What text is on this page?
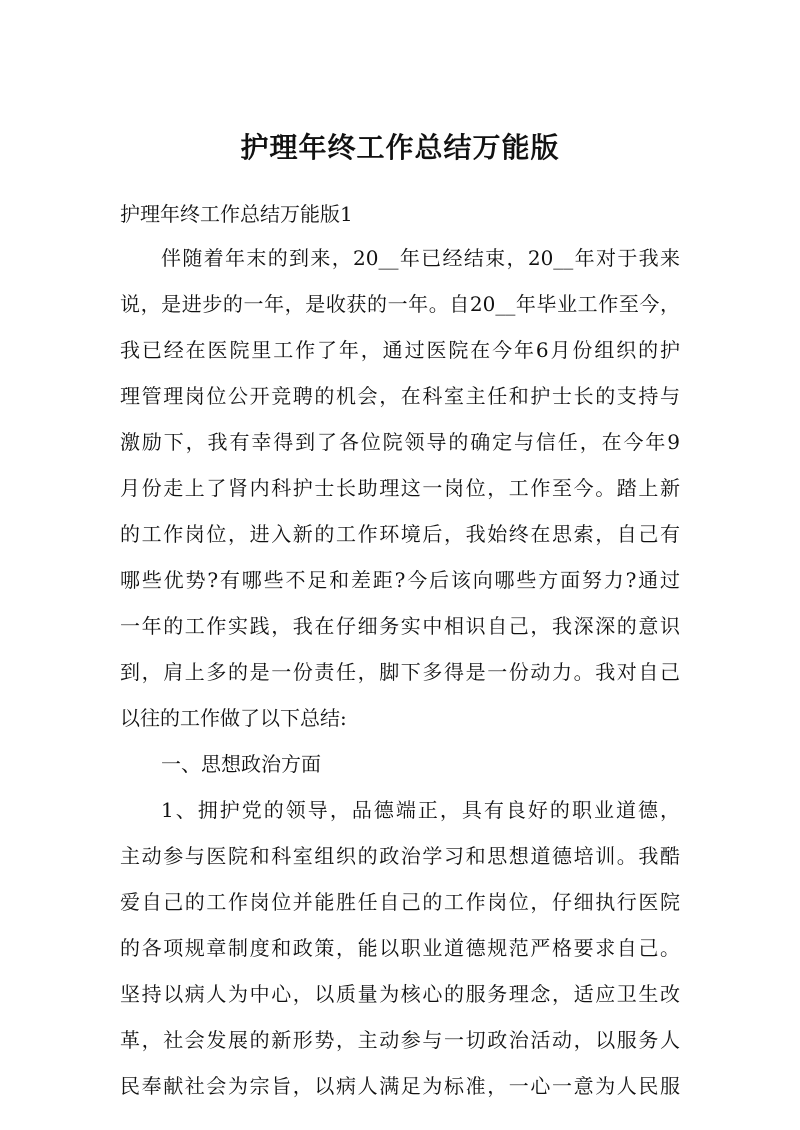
护理年终工作总结万能版
护理年终工作总结万能版1
伴随着年末的到来，20__年已经结束，20__年对于我来
说，是进步的一年，是收获的一年。自20__年毕业工作至今，
我已经在医院里工作了年，通过医院在今年6月份组织的护
理管理岗位公开竞聘的机会，在科室主任和护士长的支持与
激励下，我有幸得到了各位院领导的确定与信任，在今年9
月份走上了肾内科护士长助理这一岗位，工作至今。踏上新
的工作岗位，进入新的工作环境后，我始终在思索，自己有
哪些优势?有哪些不足和差距?今后该向哪些方面努力?通过
一年的工作实践，我在仔细务实中相识自己，我深深的意识
到，肩上多的是一份责任，脚下多得是一份动力。我对自己
一、思想政治方面
1、拥护党的领导，品德端正，具有良好的职业道德，
主动参与医院和科室组织的政治学习和思想道德培训。我酷
爱自己的工作岗位并能胜任自己的工作岗位，仔细执行医院
的各项规章制度和政策，能以职业道德规范严格要求自己。
坚持以病人为中心，以质量为核心的服务理念，适应卫生改
革，社会发展的新形势，主动参与一切政治活动，以服务人
民奉献社会为宗旨，以病人满足为标准，一心一意为人民服
以往的工作做了以下总结:
